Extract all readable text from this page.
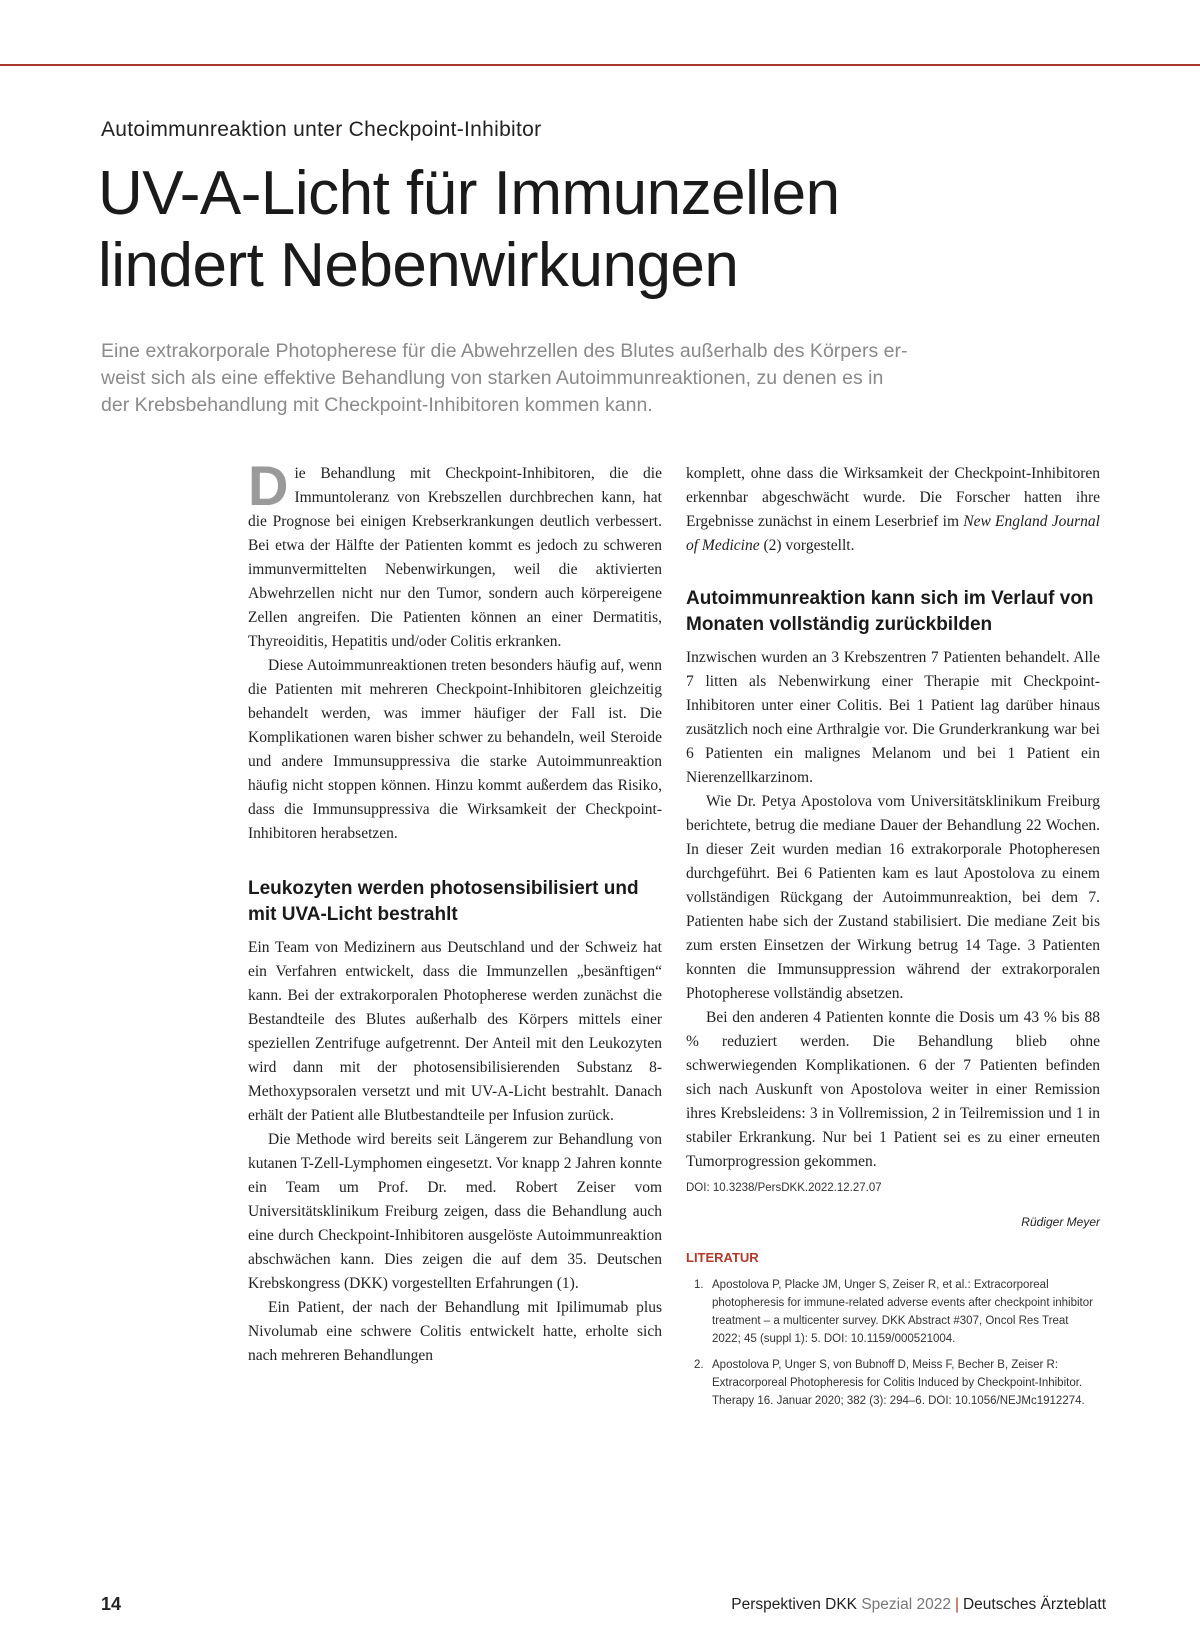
Autoimmunreaktion unter Checkpoint-Inhibitor
UV-A-Licht für Immunzellen
lindert Nebenwirkungen
Eine extrakorporale Photopherese für die Abwehrzellen des Blutes außerhalb des Körpers er-
weist sich als eine effektive Behandlung von starken Autoimmunreaktionen, zu denen es in
der Krebsbehandlung mit Checkpoint-Inhibitoren kommen kann.

Die Behandlung mit Checkpoint-Inhibitoren, die die Immuntoleranz von Krebszellen durchbrechen kann, hat die Prognose bei einigen Krebserkrankungen deutlich verbessert. Bei etwa der Hälfte der Patienten kommt es jedoch zu schweren immunvermittelten Nebenwirkungen, weil die aktivierten Abwehrzellen nicht nur den Tumor, sondern auch körpereigene Zellen angreifen. Die Patienten können an einer Dermatitis, Thyreoiditis, Hepatitis und/oder Colitis erkranken.

Diese Autoimmunreaktionen treten besonders häufig auf, wenn die Patienten mit mehreren Checkpoint-Inhibitoren gleichzeitig behandelt werden, was immer häufiger der Fall ist. Die Komplikationen waren bisher schwer zu behandeln, weil Steroide und andere Immunsuppressiva die starke Autoimmunreaktion häufig nicht stoppen können. Hinzu kommt außerdem das Risiko, dass die Immunsuppressiva die Wirksamkeit der Checkpoint-Inhibitoren herabsetzen.

Leukozyten werden photosensibilisiert und mit UVA-Licht bestrahlt

Ein Team von Medizinern aus Deutschland und der Schweiz hat ein Verfahren entwickelt, dass die Immunzellen „besänftigen“ kann. Bei der extrakorporalen Photopherese werden zunächst die Bestandteile des Blutes außerhalb des Körpers mittels einer speziellen Zentrifuge aufgetrennt. Der Anteil mit den Leukozyten wird dann mit der photosensibilisierenden Substanz 8-Methoxypsoralen versetzt und mit UV-A-Licht bestrahlt. Danach erhält der Patient alle Blutbestandteile per Infusion zurück.

Die Methode wird bereits seit Längerem zur Behandlung von kutanen T-Zell-Lymphomen eingesetzt. Vor knapp 2 Jahren konnte ein Team um Prof. Dr. med. Robert Zeiser vom Universitätsklinikum Freiburg zeigen, dass die Behandlung auch eine durch Checkpoint-Inhibitoren ausgelöste Autoimmunreaktion abschwächen kann. Dies zeigen die auf dem 35. Deutschen Krebskongress (DKK) vorgestellten Erfahrungen (1).

Ein Patient, der nach der Behandlung mit Ipilimumab plus Nivolumab eine schwere Colitis entwickelt hatte, erholte sich nach mehreren Behandlungen

komplett, ohne dass die Wirksamkeit der Checkpoint-Inhibitoren erkennbar abgeschwächt wurde. Die Forscher hatten ihre Ergebnisse zunächst in einem Leserbrief im New England Journal of Medicine (2) vorgestellt.

Autoimmunreaktion kann sich im Verlauf von Monaten vollständig zurückbilden

Inzwischen wurden an 3 Krebszentren 7 Patienten behandelt. Alle 7 litten als Nebenwirkung einer Therapie mit Checkpoint-Inhibitoren unter einer Colitis. Bei 1 Patient lag darüber hinaus zusätzlich noch eine Arthralgie vor. Die Grunderkrankung war bei 6 Patienten ein malignes Melanom und bei 1 Patient ein Nierenzellkarzinom.

Wie Dr. Petya Apostolova vom Universitätsklinikum Freiburg berichtete, betrug die mediane Dauer der Behandlung 22 Wochen. In dieser Zeit wurden median 16 extrakorporale Photopheresen durchgeführt. Bei 6 Patienten kam es laut Apostolova zu einem vollständigen Rückgang der Autoimmunreaktion, bei dem 7. Patienten habe sich der Zustand stabilisiert. Die mediane Zeit bis zum ersten Einsetzen der Wirkung betrug 14 Tage. 3 Patienten konnten die Immunsuppression während der extrakorporalen Photopherese vollständig absetzen.

Bei den anderen 4 Patienten konnte die Dosis um 43 % bis 88 % reduziert werden. Die Behandlung blieb ohne schwerwiegenden Komplikationen. 6 der 7 Patienten befinden sich nach Auskunft von Apostolova weiter in einer Remission ihres Krebsleidens: 3 in Vollremission, 2 in Teilremission und 1 in stabiler Erkrankung. Nur bei 1 Patient sei es zu einer erneuten Tumorprogression gekommen.

DOI: 10.3238/PersDKK.2022.12.27.07
Rüdiger Meyer
LITERATUR
1. Apostolova P, Placke JM, Unger S, Zeiser R, et al.: Extracorporeal photopheresis for immune-related adverse events after checkpoint inhibitor treatment – a multicenter survey. DKK Abstract #307, Oncol Res Treat 2022; 45 (suppl 1): 5. DOI: 10.1159/000521004.
2. Apostolova P, Unger S, von Bubnoff D, Meiss F, Becher B, Zeiser R: Extracorporeal Photopheresis for Colitis Induced by Checkpoint-Inhibitor. Therapy 16. Januar 2020; 382 (3): 294–6. DOI: 10.1056/NEJMc1912274.
14	Perspektiven DKK Spezial 2022 | Deutsches Ärzteblatt
